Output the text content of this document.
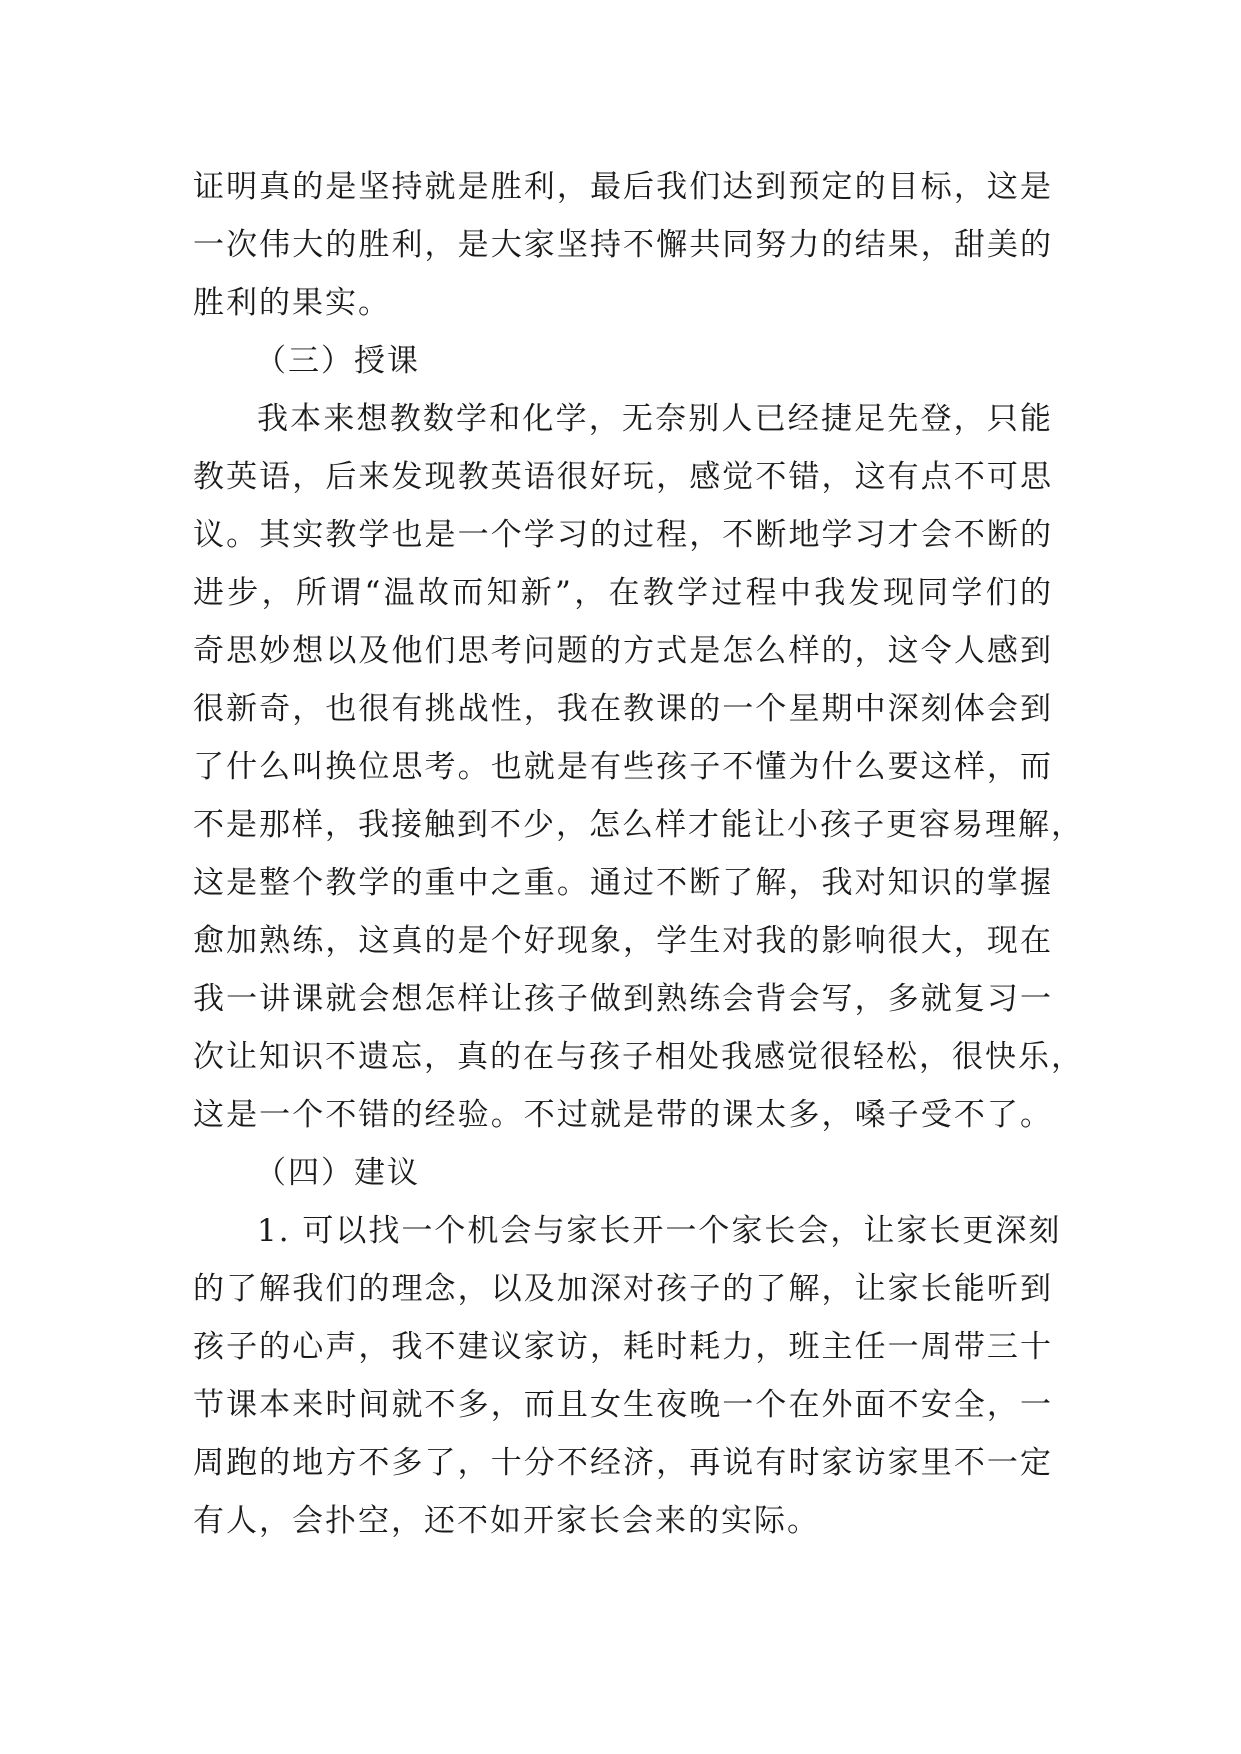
证明真的是坚持就是胜利，最后我们达到预定的目标，这是
一次伟大的胜利，是大家坚持不懈共同努力的结果，甜美的
胜利的果实。
（三）授课
我本来想教数学和化学，无奈别人已经捷足先登，只能
教英语，后来发现教英语很好玩，感觉不错，这有点不可思
议。其实教学也是一个学习的过程，不断地学习才会不断的
进步，所谓“温故而知新”，在教学过程中我发现同学们的
奇思妙想以及他们思考问题的方式是怎么样的，这令人感到
很新奇，也很有挑战性，我在教课的一个星期中深刻体会到
了什么叫换位思考。也就是有些孩子不懂为什么要这样，而
不是那样，我接触到不少，怎么样才能让小孩子更容易理解，
这是整个教学的重中之重。通过不断了解，我对知识的掌握
愈加熟练，这真的是个好现象，学生对我的影响很大，现在
我一讲课就会想怎样让孩子做到熟练会背会写，多就复习一
次让知识不遗忘，真的在与孩子相处我感觉很轻松，很快乐，
这是一个不错的经验。不过就是带的课太多，嗓子受不了。
（四）建议
1. 可以找一个机会与家长开一个家长会，让家长更深刻
的了解我们的理念，以及加深对孩子的了解，让家长能听到
孩子的心声，我不建议家访，耗时耗力，班主任一周带三十
节课本来时间就不多，而且女生夜晚一个在外面不安全，一
周跑的地方不多了，十分不经济，再说有时家访家里不一定
有人，会扑空，还不如开家长会来的实际。
